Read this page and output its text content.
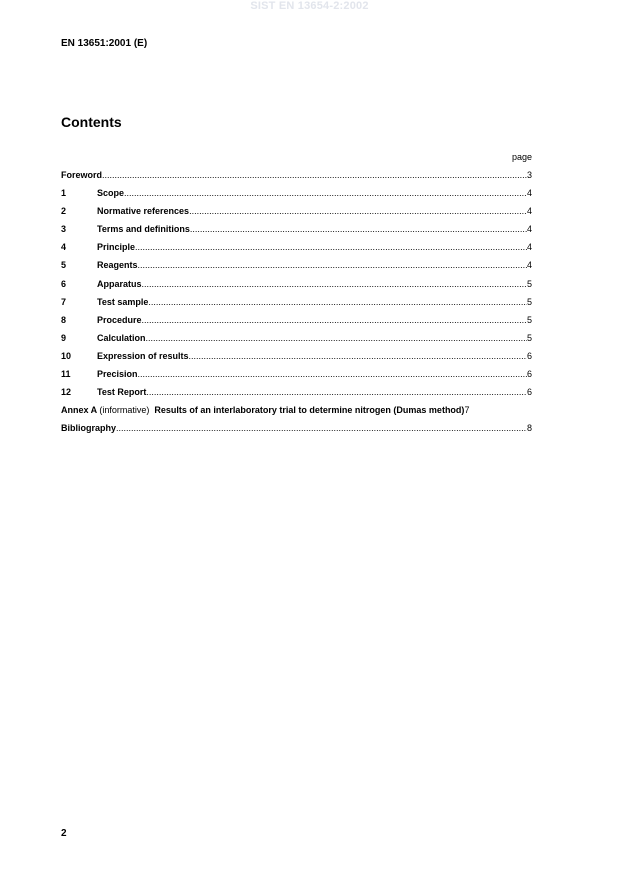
SIST EN 13654-2:2002
EN 13651:2001 (E)
Contents
page
Foreword .....	3
1	Scope .....	4
2	Normative references .....	4
3	Terms and definitions .....	4
4	Principle .....	4
5	Reagents .....	4
6	Apparatus .....	5
7	Test sample .....	5
8	Procedure .....	5
9	Calculation .....	5
10	Expression of results .....	6
11	Precision .....	6
12	Test Report .....	6
Annex A (informative) Results of an interlaboratory trial to determine nitrogen (Dumas method) 7
Bibliography .....	8
2
